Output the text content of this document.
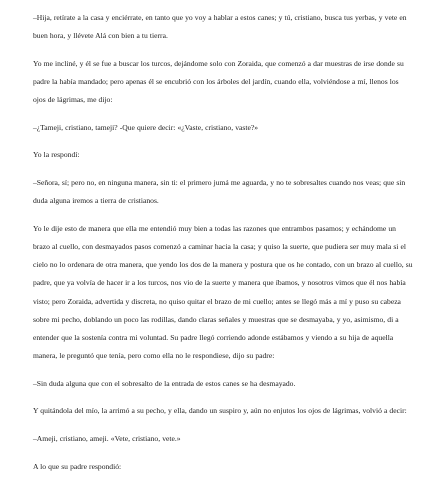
–Hija, retírate a la casa y enciérrate, en tanto que yo voy a hablar a estos canes; y tú, cristiano, busca tus yerbas, y vete en buen hora, y llévete Alá con bien a tu tierra.

Yo me incliné, y él se fue a buscar los turcos, dejándome solo con Zoraida, que comenzó a dar muestras de irse donde su padre la había mandado; pero apenas él se encubrió con los árboles del jardín, cuando ella, volviéndose a mí, llenos los ojos de lágrimas, me dijo:

–¿Tameji, cristiano, tameji? -Que quiere decir: «¿Vaste, cristiano, vaste?»

Yo la respondí:

–Señora, sí; pero no, en ninguna manera, sin ti: el primero jumá me aguarda, y no te sobresaltes cuando nos veas; que sin duda alguna iremos a tierra de cristianos.

Yo le dije esto de manera que ella me entendió muy bien a todas las razones que entrambos pasamos; y echándome un brazo al cuello, con desmayados pasos comenzó a caminar hacia la casa; y quiso la suerte, que pudiera ser muy mala si el cielo no lo ordenara de otra manera, que yendo los dos de la manera y postura que os he contado, con un brazo al cuello, su padre, que ya volvía de hacer ir a los turcos, nos vio de la suerte y manera que íbamos, y nosotros vimos que él nos había visto; pero Zoraida, advertida y discreta, no quiso quitar el brazo de mi cuello; antes se llegó más a mí y puso su cabeza sobre mi pecho, doblando un poco las rodillas, dando claras señales y muestras que se desmayaba, y yo, asimismo, di a entender que la sostenía contra mi voluntad. Su padre llegó corriendo adonde estábamos y viendo a su hija de aquella manera, le preguntó que tenía, pero como ella no le respondiese, dijo su padre:

–Sin duda alguna que con el sobresalto de la entrada de estos canes se ha desmayado.

Y quitándola del mío, la arrimó a su pecho, y ella, dando un suspiro y, aún no enjutos los ojos de lágrimas, volvió a decir:

–Ameji, cristiano, ameji. «Vete, cristiano, vete.»

A lo que su padre respondió:
